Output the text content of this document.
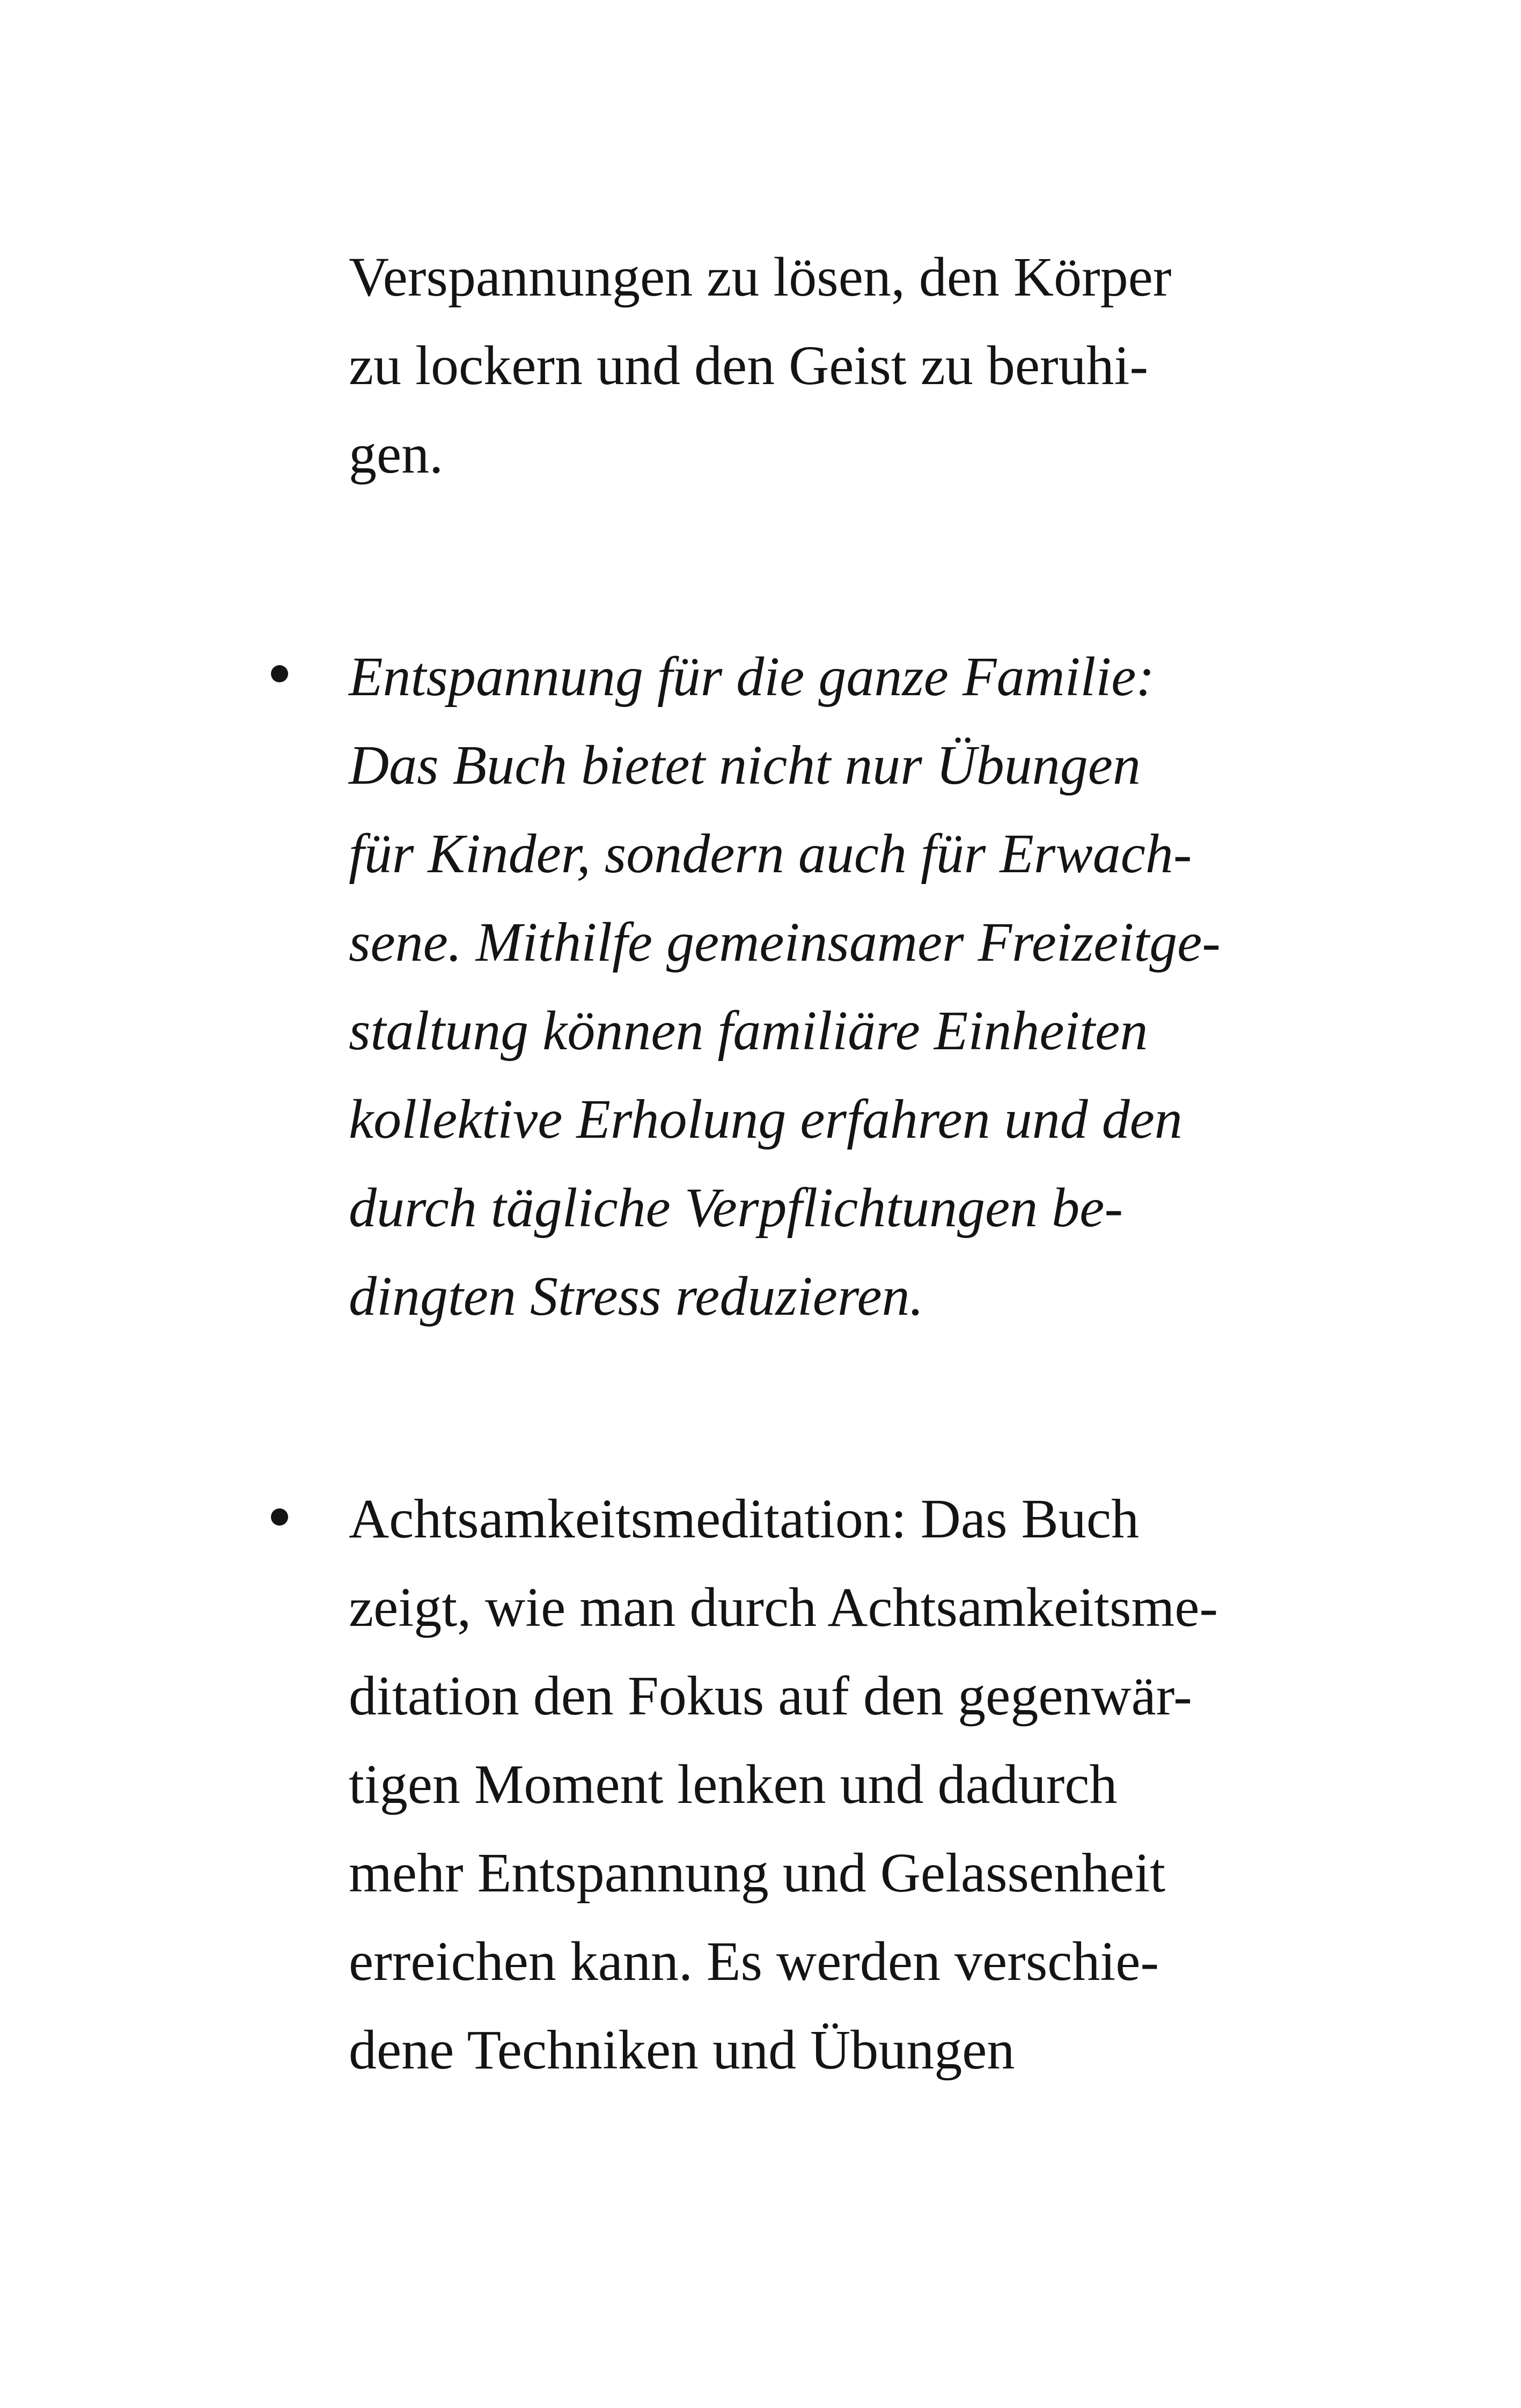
Verspannungen zu lösen, den Körper
zu lockern und den Geist zu beruhi-
gen.
Entspannung für die ganze Familie:
Das Buch bietet nicht nur Übungen
für Kinder, sondern auch für Erwach-
sene. Mithilfe gemeinsamer Freizeitge-
staltung können familiäre Einheiten
kollektive Erholung erfahren und den
durch tägliche Verpflichtungen be-
dingten Stress reduzieren.
Achtsamkeitsmeditation: Das Buch
zeigt, wie man durch Achtsamkeitsme-
ditation den Fokus auf den gegenwär-
tigen Moment lenken und dadurch
mehr Entspannung und Gelassenheit
erreichen kann. Es werden verschie-
dene Techniken und Übungen
